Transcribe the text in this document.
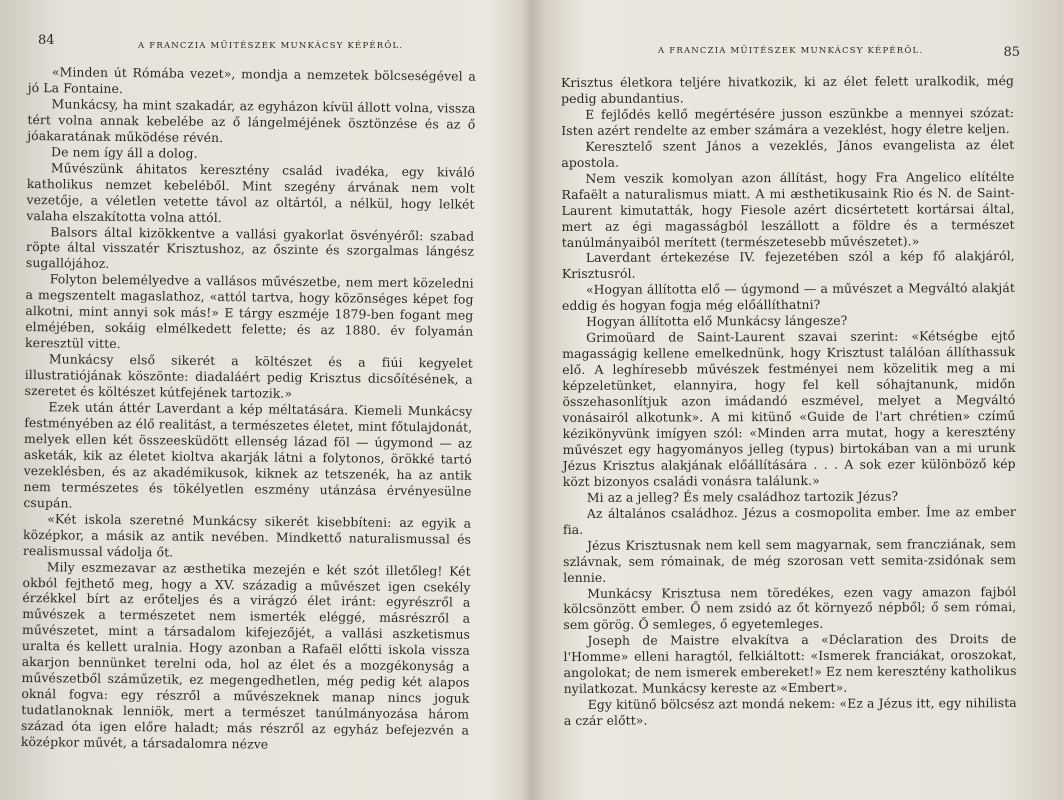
84	A FRANCZIA MŰITÉSZEK MUNKÁCSY KÉPÉRŐL.

«Minden út Rómába vezet», mondja a nemzetek bölcseségével a jó La Fontaine.

Munkácsy, ha mint szakadár, az egyházon kívül állott volna, vissza tért volna annak kebelébe az ő lángelméjének ösztönzése és az ő jóakaratának működése révén.

De nem így áll a dolog.

Művészünk áhitatos keresztény család ivadéka, egy kiváló katholikus nemzet kebeléből. Mint szegény árvának nem volt vezetője, a véletlen vetette távol az oltártól, a nélkül, hogy lelkét valaha elszakította volna attól.

Balsors által kizökkentve a vallási gyakorlat ösvényéről: szabad röpte által visszatér Krisztushoz, az őszinte és szorgalmas lángész sugallójához.

Folyton belemélyedve a vallásos művészetbe, nem mert közeledni a megszentelt magaslathoz, «attól tartva, hogy közönséges képet fog alkotni, mint annyi sok más!» E tárgy eszméje 1879-ben fogant meg elméjében, sokáig elmélkedett felette; és az 1880. év folyamán keresztül vitte.

Munkácsy első sikerét a költészet és a fiúi kegyelet illustratiójának köszönte: diadaláért pedig Krisztus dicsőítésének, a szeretet és költészet kútfejének tartozik.»

Ezek után áttér Laverdant a kép méltatására. Kiemeli Munkácsy festményében az élő realitást, a természetes életet, mint főtulajdonát, melyek ellen két összeesküdött ellenség lázad föl — úgymond — az asketák, kik az életet kioltva akarják látni a folytonos, örökké tartó vezeklésben, és az akadémikusok, kiknek az tetszenék, ha az antik nem természetes és tökélyetlen eszmény utánzása érvényesülne csupán.

«Két iskola szeretné Munkácsy sikerét kisebbíteni: az egyik a középkor, a másik az antik nevében. Mindkettő naturalismussal és realismussal vádolja őt.

Mily eszmezavar az æsthetika mezején e két szót illetőleg! Két okból fejthető meg, hogy a XV. századig a művészet igen csekély érzékkel bírt az erőteljes és a virágzó élet iránt: egyrészről a művészek a természetet nem ismerték eléggé, másrészről a művészetet, mint a társadalom kifejezőjét, a vallási aszketismus uralta és kellett uralnia. Hogy azonban a Rafaël előtti iskola vissza akarjon bennünket terelni oda, hol az élet és a mozgékonyság a művészetből száműzetik, ez megengedhetlen, még pedig két alapos oknál fogva: egy részről a művészeknek manap nincs joguk tudatlanoknak lenniök, mert a természet tanúlmányozása három század óta igen előre haladt; más részről az egyház befejezvén a középkor művét, a társadalomra nézve

A FRANCZIA MŰITÉSZEK MUNKÁCSY KÉPÉRŐL.	85

Krisztus életkora teljére hivatkozik, ki az élet felett uralkodik, még pedig abundantius.

E fejlődés kellő megértésére jusson eszünkbe a mennyei szózat: Isten azért rendelte az ember számára a vezeklést, hogy életre keljen.

Keresztelő szent János a vezeklés, János evangelista az élet apostola.

Nem veszik komolyan azon állítást, hogy Fra Angelico elítélte Rafaëlt a naturalismus miatt. A mi æsthetikusaink Rio és N. de Saint-Laurent kimutatták, hogy Fiesole azért dicsértetett kortársai által, mert az égi magasságból leszállott a földre és a természet tanúlmányaiból merített (természetesebb művészetet).»

Laverdant értekezése IV. fejezetében szól a kép fő alakjáról, Krisztusról.

«Hogyan állította elő — úgymond — a művészet a Megváltó alakját eddig és hogyan fogja még előállíthatni?

Hogyan állította elő Munkácsy lángesze?

Grimoüard de Saint-Laurent szavai szerint: «Kétségbe ejtő magasságig kellene emelkednünk, hogy Krisztust találóan állíthassuk elő. A leghíresebb művészek festményei nem közelitik meg a mi képzeletünket, elannyira, hogy fel kell sóhajtanunk, midőn összehasonlítjuk azon imádandó eszmével, melyet a Megváltó vonásairól alkotunk». A mi kitünő «Guide de l'art chrétien» czímű kézikönyvünk imígyen szól: «Minden arra mutat, hogy a keresztény művészet egy hagyományos jelleg (typus) birtokában van a mi urunk Jézus Krisztus alakjának előállítására . . . A sok ezer különböző kép közt bizonyos családi vonásra találunk.»

Mi az a jelleg? És mely családhoz tartozik Jézus?

Az általános családhoz. Jézus a cosmopolita ember. Íme az ember fia.

Jézus Krisztusnak nem kell sem magyarnak, sem francziának, sem szlávnak, sem rómainak, de még szorosan vett semita-zsidónak sem lennie.

Munkácsy Krisztusa nem töredékes, ezen vagy amazon fajból kölcsönzött ember. Ő nem zsidó az őt környező népből; ő sem római, sem görög. Ő semleges, ő egyetemleges.

Joseph de Maistre elvakítva a «Déclaration des Droits de l'Homme» elleni haragtól, felkiáltott: «Ismerek franciákat, oroszokat, angolokat; de nem ismerek embereket!» Ez nem keresztény katholikus nyilatkozat. Munkácsy kereste az «Embert».

Egy kitünő bölcsész azt mondá nekem: «Ez a Jézus itt, egy nihilista a czár előtt».
